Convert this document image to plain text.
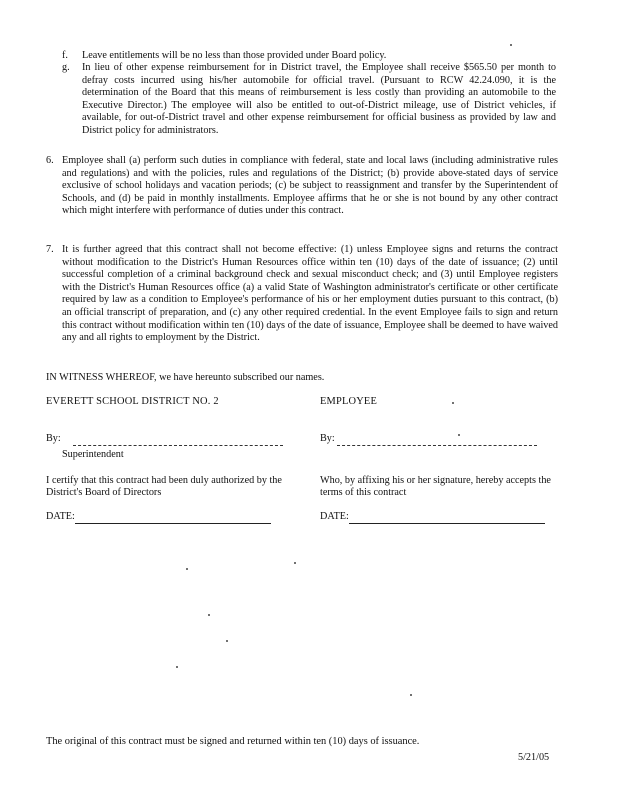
f.	Leave entitlements will be no less than those provided under Board policy.
g.	In lieu of other expense reimbursement for in District travel, the Employee shall receive $565.50 per month to defray costs incurred using his/her automobile for official travel. (Pursuant to RCW 42.24.090, it is the determination of the Board that this means of reimbursement is less costly than providing an automobile to the Executive Director.) The employee will also be entitled to out-of-District mileage, use of District vehicles, if available, for out-of-District travel and other expense reimbursement for official business as provided by law and District policy for administrators.
6. Employee shall (a) perform such duties in compliance with federal, state and local laws (including administrative rules and regulations) and with the policies, rules and regulations of the District; (b) provide above-stated days of service exclusive of school holidays and vacation periods; (c) be subject to reassignment and transfer by the Superintendent of Schools, and (d) be paid in monthly installments. Employee affirms that he or she is not bound by any other contract which might interfere with performance of duties under this contract.
7. It is further agreed that this contract shall not become effective: (1) unless Employee signs and returns the contract without modification to the District's Human Resources office within ten (10) days of the date of issuance; (2) until successful completion of a criminal background check and sexual misconduct check; and (3) until Employee registers with the District's Human Resources office (a) a valid State of Washington administrator's certificate or other certificate required by law as a condition to Employee's performance of his or her employment duties pursuant to this contract, (b) an official transcript of preparation, and (c) any other required credential. In the event Employee fails to sign and return this contract without modification within ten (10) days of the date of issuance, Employee shall be deemed to have waived any and all rights to employment by the District.
IN WITNESS WHEREOF, we have hereunto subscribed our names.
EVERETT SCHOOL DISTRICT NO. 2	EMPLOYEE
By:	By:
Superintendent
I certify that this contract had been duly authorized by the District's Board of Directors
Who, by affixing his or her signature, hereby accepts the terms of this contract
DATE:	DATE:
The original of this contract must be signed and returned within ten (10) days of issuance.
5/21/05
